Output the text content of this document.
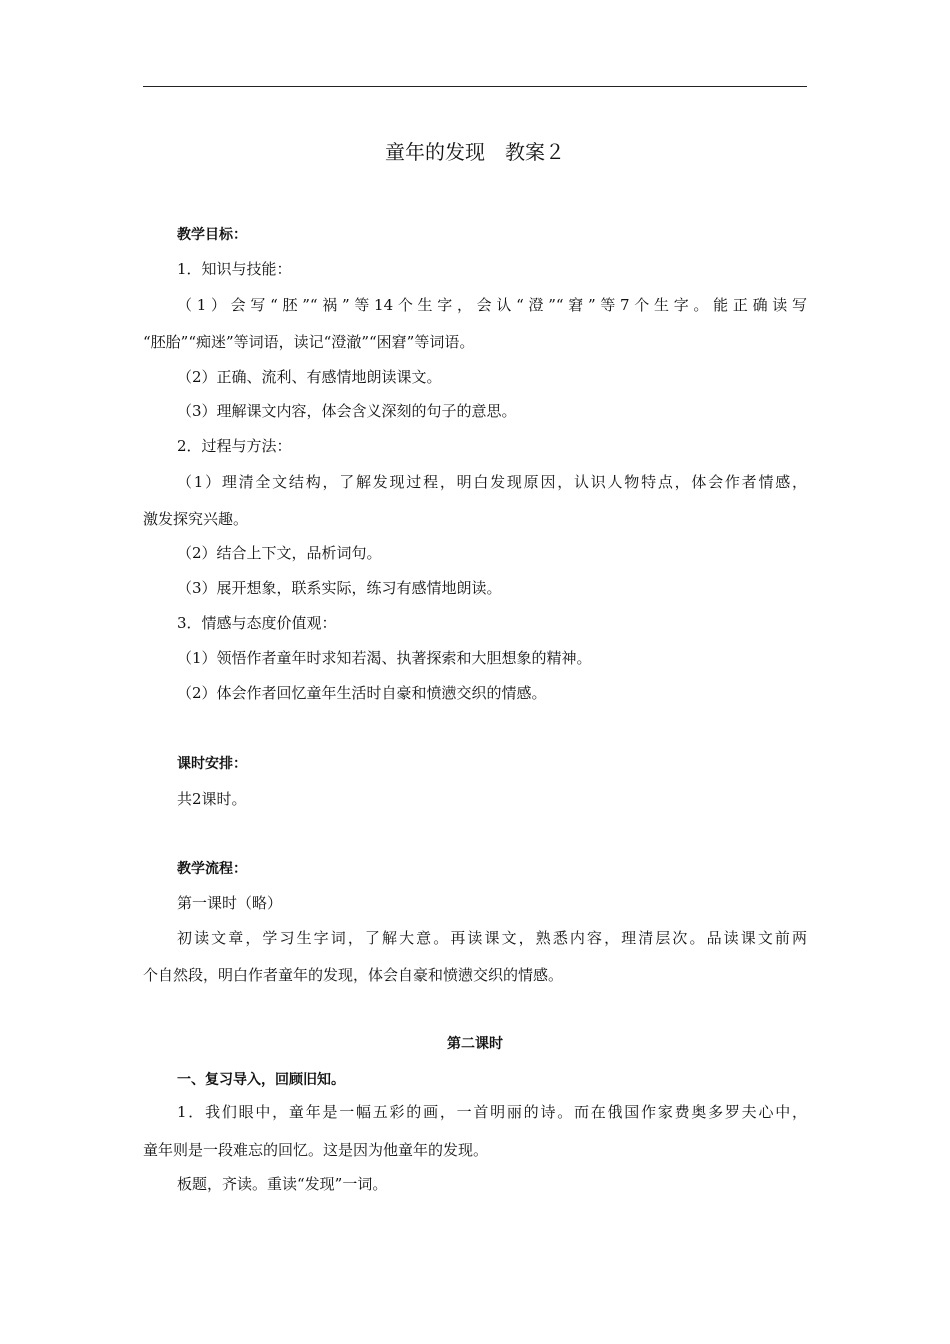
童年的发现　教案２
教学目标：
1．知识与技能：
（1）会写“胚”“祸”等14个生字，会认“澄”“窘”等7个生字。能正确读写
“胚胎”“痴迷”等词语，读记“澄澈”“困窘”等词语。
（2）正确、流利、有感情地朗读课文。
（3）理解课文内容，体会含义深刻的句子的意思。
2．过程与方法：
（1）理清全文结构，了解发现过程，明白发现原因，认识人物特点，体会作者情感，
激发探究兴趣。
（2）结合上下文，品析词句。
（3）展开想象，联系实际，练习有感情地朗读。
3．情感与态度价值观：
（1）领悟作者童年时求知若渴、执著探索和大胆想象的精神。
（2）体会作者回忆童年生活时自豪和愤懑交织的情感。
课时安排：
共2课时。
教学流程：
第一课时（略）
初读文章，学习生字词，了解大意。再读课文，熟悉内容，理清层次。品读课文前两
个自然段，明白作者童年的发现，体会自豪和愤懑交织的情感。
第二课时
一、复习导入，回顾旧知。
1．我们眼中，童年是一幅五彩的画，一首明丽的诗。而在俄国作家费奥多罗夫心中，
童年则是一段难忘的回忆。这是因为他童年的发现。
板题，齐读。重读“发现”一词。
